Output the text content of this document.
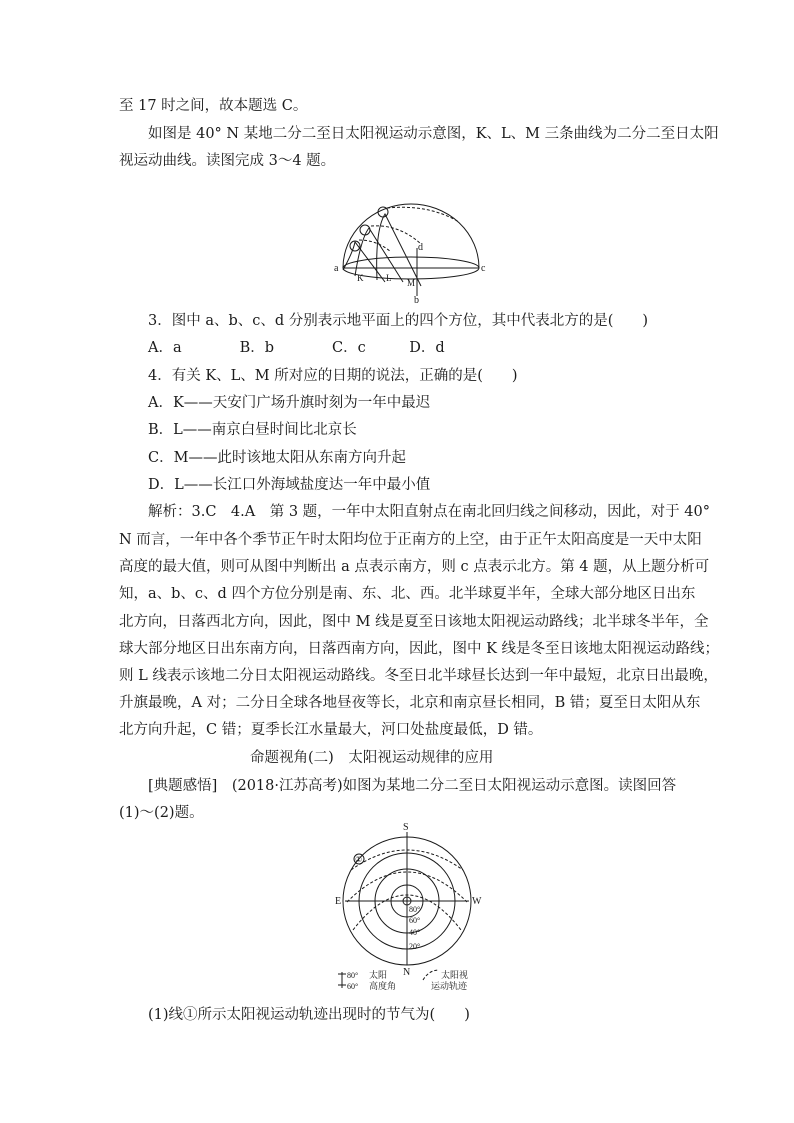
至 17 时之间，故本题选 C。
如图是 40° N 某地二分二至日太阳视运动示意图，K、L、M 三条曲线为二分二至日太阳
视运动曲线。读图完成 3～4 题。
3．图中 a、b、c、d 分别表示地平面上的四个方位，其中代表北方的是(　　)
A．a　　　　B．b　　　　C．c　　　D．d
4．有关 K、L、M 所对应的日期的说法，正确的是(　　)
A．K——天安门广场升旗时刻为一年中最迟
B．L——南京白昼时间比北京长
C．M——此时该地太阳从东南方向升起
D．L——长江口外海域盐度达一年中最小值
解析：3.C　4.A　第 3 题，一年中太阳直射点在南北回归线之间移动，因此，对于 40°
N 而言，一年中各个季节正午时太阳均位于正南方的上空，由于正午太阳高度是一天中太阳
高度的最大值，则可从图中判断出 a 点表示南方，则 c 点表示北方。第 4 题，从上题分析可
知，a、b、c、d 四个方位分别是南、东、北、西。北半球夏半年，全球大部分地区日出东
北方向，日落西北方向，因此，图中 M 线是夏至日该地太阳视运动路线；北半球冬半年，全
球大部分地区日出东南方向，日落西南方向，因此，图中 K 线是冬至日该地太阳视运动路线；
则 L 线表示该地二分日太阳视运动路线。冬至日北半球昼长达到一年中最短，北京日出最晚，
升旗最晚，A 对；二分日全球各地昼夜等长，北京和南京昼长相同，B 错；夏至日太阳从东
北方向升起，C 错；夏季长江水量最大，河口处盐度最低，D 错。
命题视角(二)　太阳视运动规律的应用
[典题感悟]　(2018·江苏高考)如图为某地二分二至日太阳视运动示意图。读图回答
(1)～(2)题。
(1)线①所示太阳视运动轨迹出现时的节气为(　　)
a
b
c
d
K	L M
S
E	W
N
①
80°
60°
40°
20°
80°
60°
太阳
高度角
太阳视
运动轨迹
